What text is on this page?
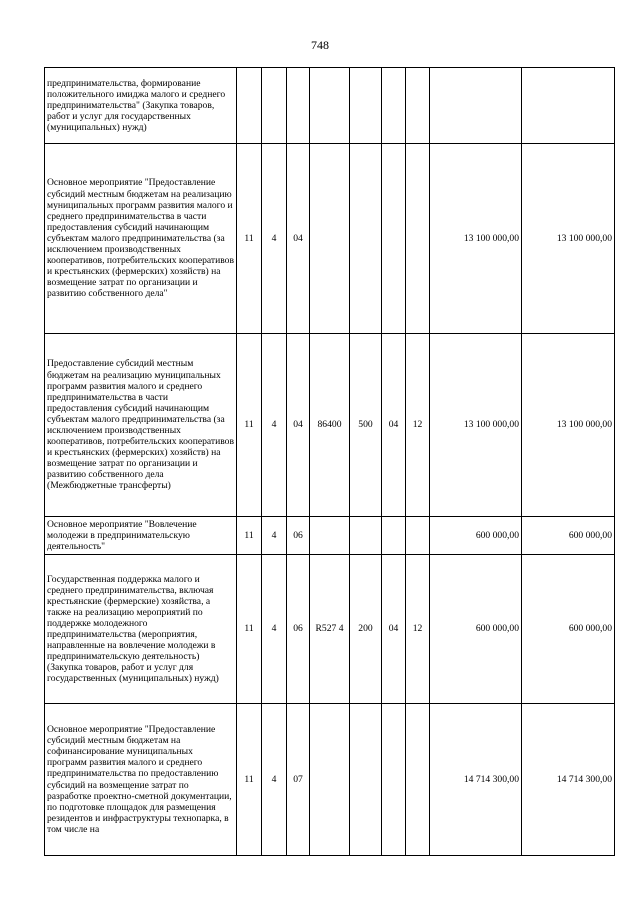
748
предпринимательства, формирование положительного имиджа малого и среднего предпринимательства" (Закупка товаров, работ и услуг для государственных (муниципальных) нужд)									
Основное мероприятие "Предоставление субсидий местным бюджетам на реализацию муниципальных программ развития малого и среднего предпринимательства в части предоставления субсидий начинающим субъектам малого предпринимательства (за исключением производственных кооперативов, потребительских кооперативов и крестьянских (фермерских) хозяйств) на возмещение затрат по организации и развитию собственного дела"	11	4	04					13 100 000,00	13 100 000,00
Предоставление субсидий местным бюджетам на реализацию муниципальных программ развития малого и среднего предпринимательства в части предоставления субсидий начинающим субъектам малого предпринимательства (за исключением производственных кооперативов, потребительских кооперативов и крестьянских (фермерских) хозяйств) на возмещение затрат по организации и развитию собственного дела (Межбюджетные трансферты)	11	4	04	86400	500	04	12	13 100 000,00	13 100 000,00
Основное мероприятие "Вовлечение молодежи в предпринимательскую деятельность"	11	4	06					600 000,00	600 000,00
Государственная поддержка малого и среднего предпринимательства, включая крестьянские (фермерские) хозяйства, а также на реализацию мероприятий по поддержке молодежного предпринимательства (мероприятия, направленные на вовлечение молодежи в предпринимательскую деятельность) (Закупка товаров, работ и услуг для государственных (муниципальных) нужд)	11	4	06	R527 4	200	04	12	600 000,00	600 000,00
Основное мероприятие "Предоставление субсидий местным бюджетам на софинансирование муниципальных программ развития малого и среднего предпринимательства по предоставлению субсидий на возмещение затрат по разработке проектно-сметной документации, по подготовке площадок для размещения резидентов и инфраструктуры технопарка, в том числе на	11	4	07					14 714 300,00	14 714 300,00
